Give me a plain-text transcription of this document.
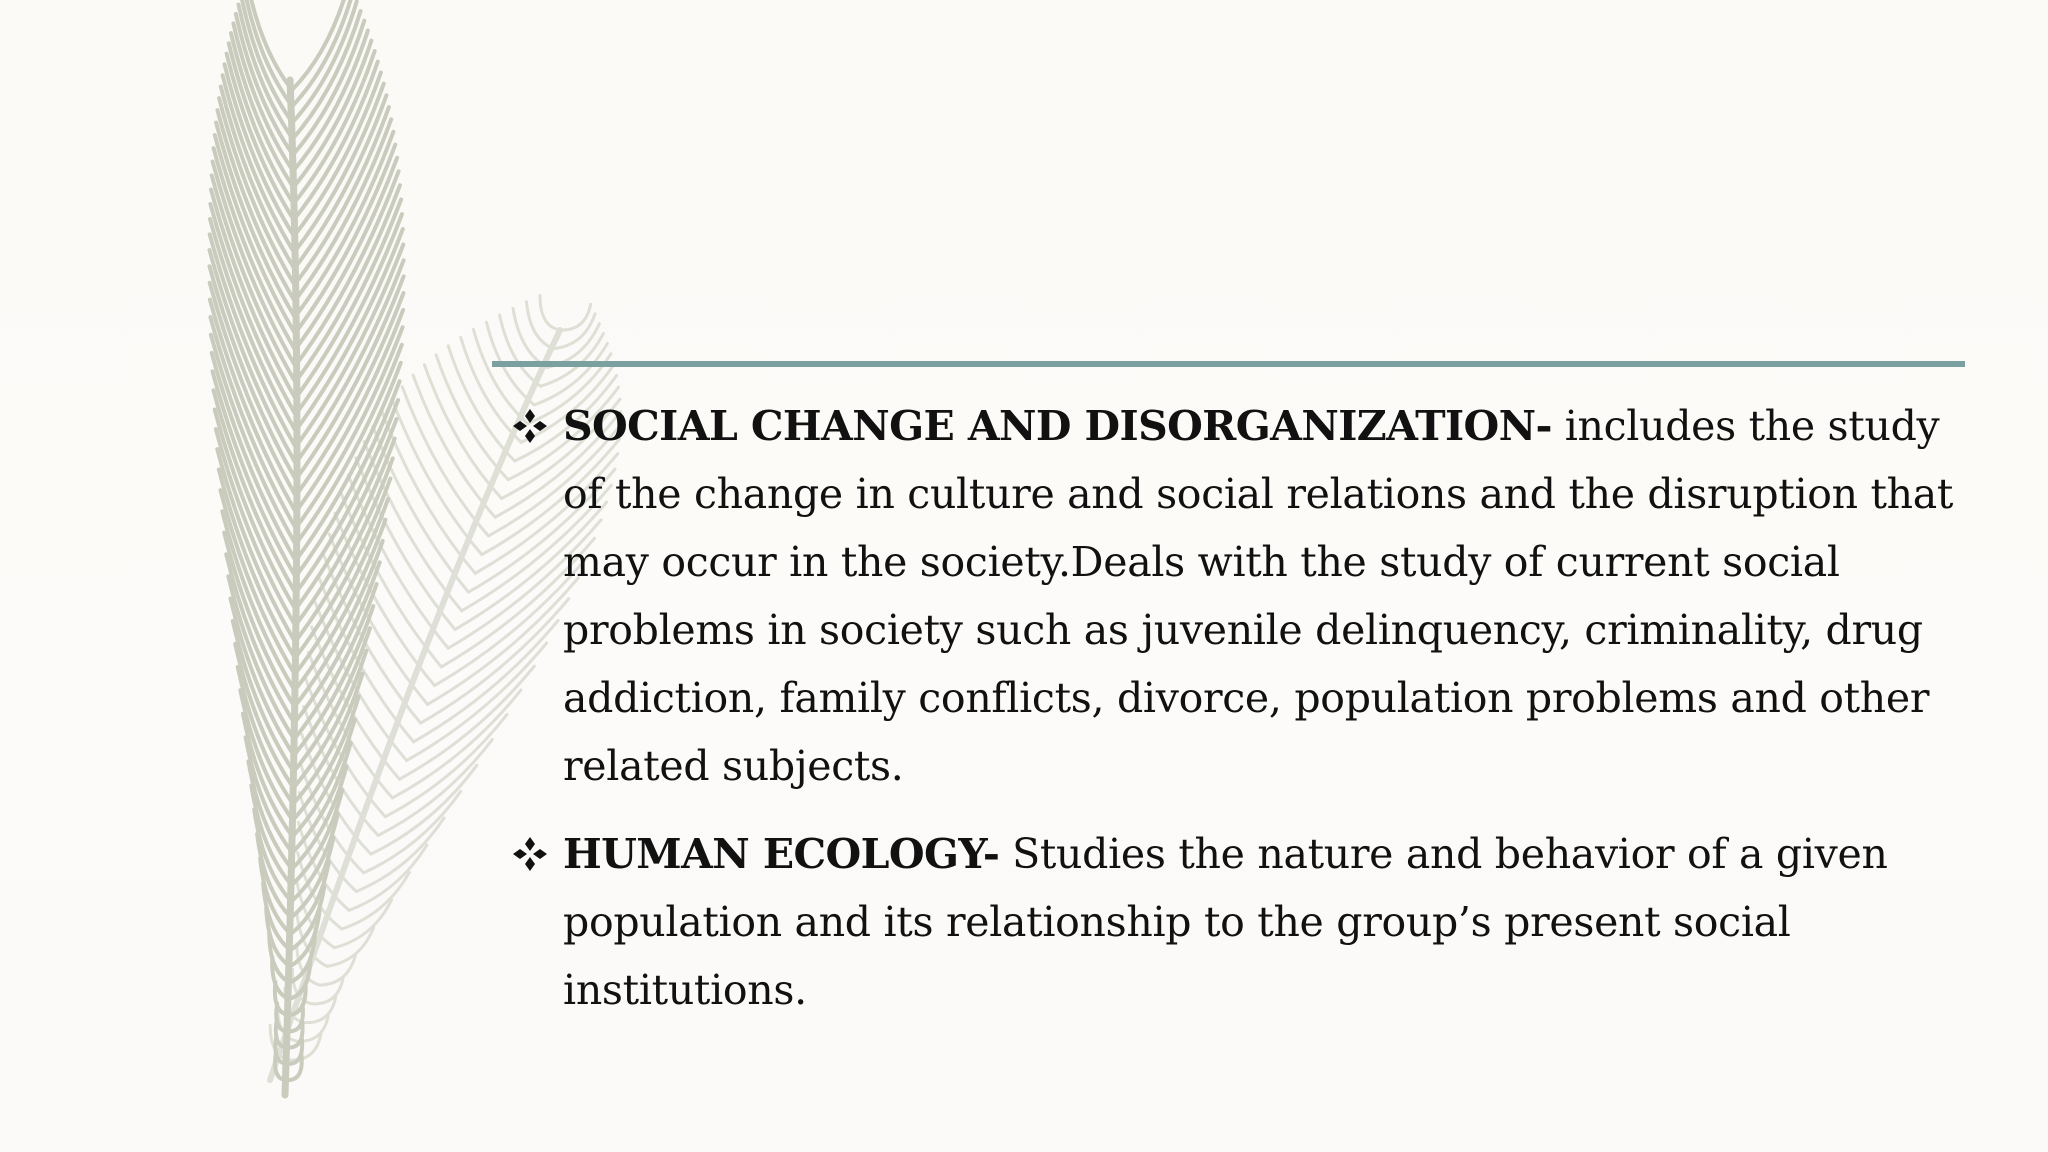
SOCIAL CHANGE AND DISORGANIZATION- includes the study of the change in culture and social relations and the disruption that may occur in the society.Deals with the study of current social problems in society such as juvenile delinquency, criminality, drug addiction, family conflicts, divorce, population problems and other related subjects.

HUMAN ECOLOGY- Studies the nature and behavior of a given population and its relationship to the group’s present social institutions.
